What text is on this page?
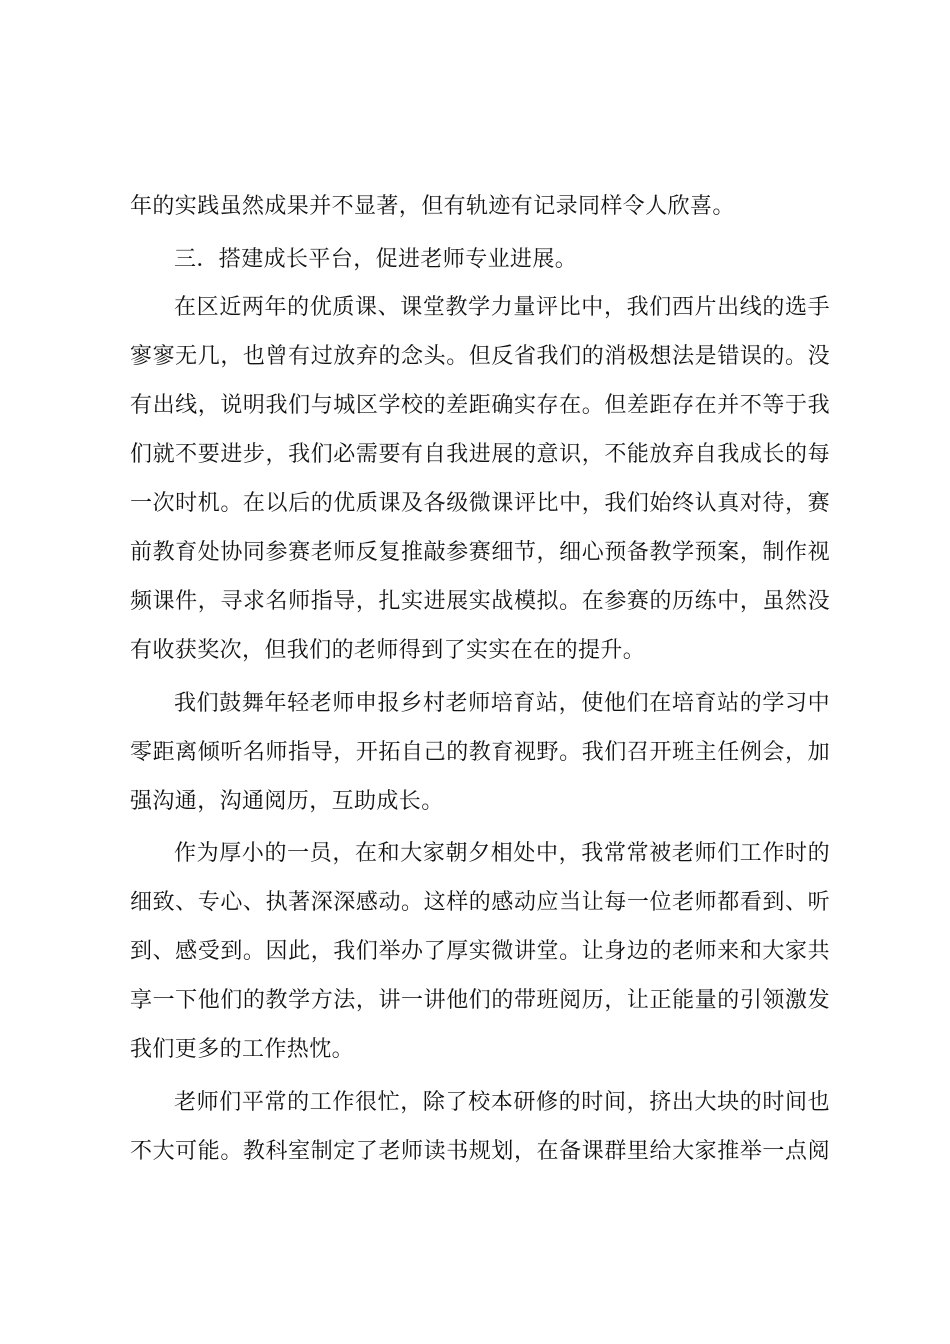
年的实践虽然成果并不显著，但有轨迹有记录同样令人欣喜。
三．搭建成长平台，促进老师专业进展。
在区近两年的优质课、课堂教学力量评比中，我们西片出线的选手
寥寥无几，也曾有过放弃的念头。但反省我们的消极想法是错误的。没
有出线，说明我们与城区学校的差距确实存在。但差距存在并不等于我
们就不要进步，我们必需要有自我进展的意识，不能放弃自我成长的每
一次时机。在以后的优质课及各级微课评比中，我们始终认真对待，赛
前教育处协同参赛老师反复推敲参赛细节，细心预备教学预案，制作视
频课件，寻求名师指导，扎实进展实战模拟。在参赛的历练中，虽然没
有收获奖次，但我们的老师得到了实实在在的提升。
我们鼓舞年轻老师申报乡村老师培育站，使他们在培育站的学习中
零距离倾听名师指导，开拓自己的教育视野。我们召开班主任例会，加
强沟通，沟通阅历，互助成长。
作为厚小的一员，在和大家朝夕相处中，我常常被老师们工作时的
细致、专心、执著深深感动。这样的感动应当让每一位老师都看到、听
到、感受到。因此，我们举办了厚实微讲堂。让身边的老师来和大家共
享一下他们的教学方法，讲一讲他们的带班阅历，让正能量的引领激发
我们更多的工作热忱。
老师们平常的工作很忙，除了校本研修的时间，挤出大块的时间也
不大可能。教科室制定了老师读书规划，在备课群里给大家推举一点阅
